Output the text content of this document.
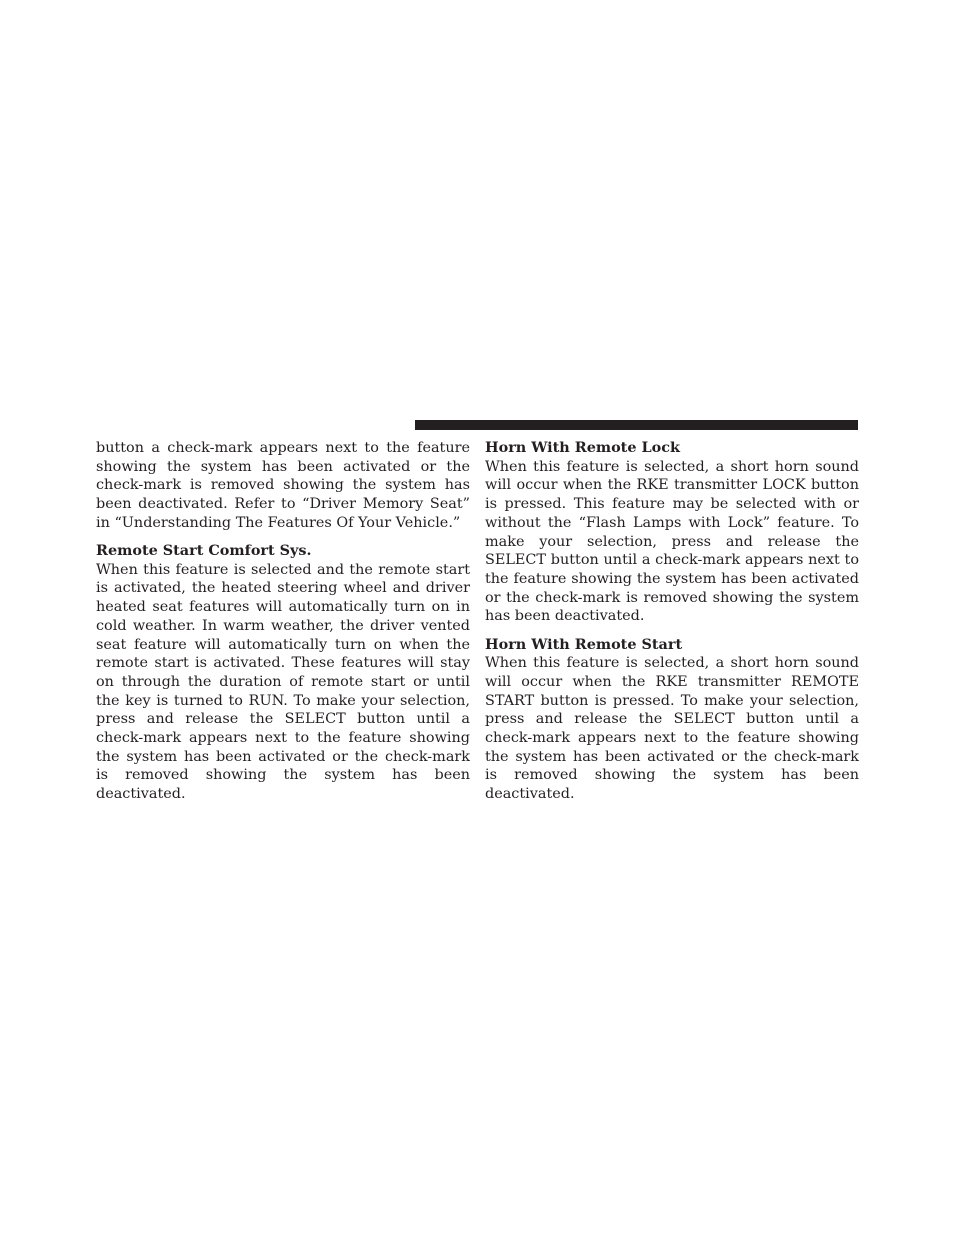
button a check-mark appears next to the feature showing the system has been activated or the check-mark is removed showing the system has been deactivated. Refer to “Driver Memory Seat” in “Understanding The Features Of Your Vehicle.”

Remote Start Comfort Sys.

When this feature is selected and the remote start is activated, the heated steering wheel and driver heated seat features will automatically turn on in cold weather. In warm weather, the driver vented seat feature will automatically turn on when the remote start is activated. These features will stay on through the duration of remote start or until the key is turned to RUN. To make your selection, press and release the SELECT button until a check-mark appears next to the feature showing the system has been activated or the check-mark is removed showing the system has been deactivated.

Horn With Remote Lock

When this feature is selected, a short horn sound will occur when the RKE transmitter LOCK button is pressed. This feature may be selected with or without the “Flash Lamps with Lock” feature. To make your selection, press and release the SELECT button until a check-mark appears next to the feature showing the system has been activated or the check-mark is removed showing the system has been deactivated.

Horn With Remote Start

When this feature is selected, a short horn sound will occur when the RKE transmitter REMOTE START button is pressed. To make your selection, press and release the SELECT button until a check-mark appears next to the feature showing the system has been activated or the check-mark is removed showing the system has been deactivated.
